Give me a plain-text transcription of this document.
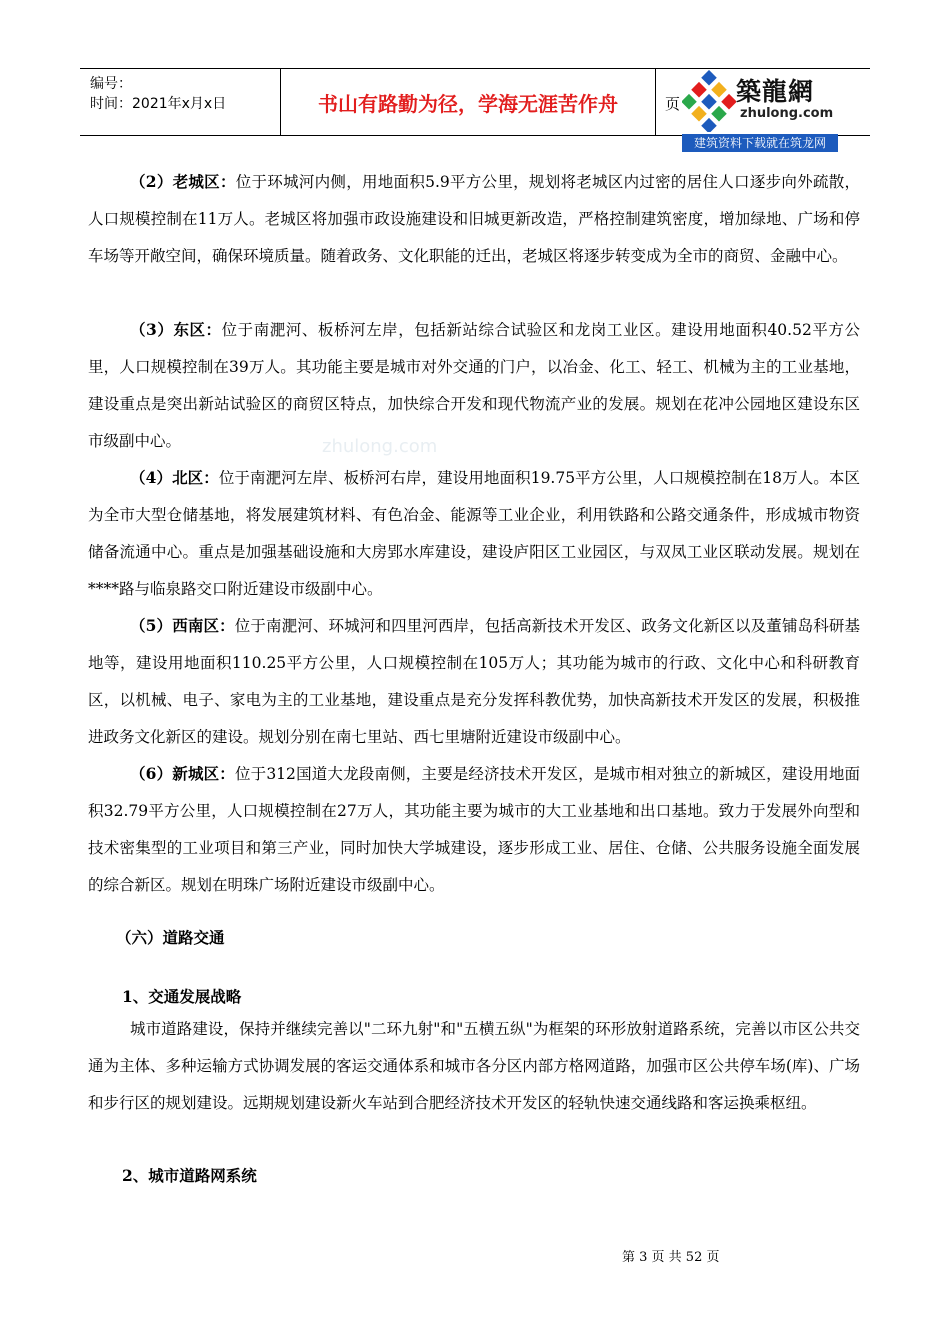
编号：
时间：2021年x月x日	书山有路勤为径，学海无涯苦作舟	页 築龍網
zhulong.com
建筑资料下载就在筑龙网
zhulong.com

（2）老城区：位于环城河内侧，用地面积5.9平方公里，规划将老城区内过密的居住人口逐步向外疏散，人口规模控制在11万人。老城区将加强市政设施建设和旧城更新改造，严格控制建筑密度，增加绿地、广场和停车场等开敞空间，确保环境质量。随着政务、文化职能的迁出，老城区将逐步转变成为全市的商贸、金融中心。

（3）东区：位于南淝河、板桥河左岸，包括新站综合试验区和龙岗工业区。建设用地面积40.52平方公里，人口规模控制在39万人。其功能主要是城市对外交通的门户，以冶金、化工、轻工、机械为主的工业基地，建设重点是突出新站试验区的商贸区特点，加快综合开发和现代物流产业的发展。规划在花冲公园地区建设东区市级副中心。

（4）北区：位于南淝河左岸、板桥河右岸，建设用地面积19.75平方公里，人口规模控制在18万人。本区为全市大型仓储基地，将发展建筑材料、有色冶金、能源等工业企业，利用铁路和公路交通条件，形成城市物资储备流通中心。重点是加强基础设施和大房郢水库建设，建设庐阳区工业园区，与双凤工业区联动发展。规划在****路与临泉路交口附近建设市级副中心。

（5）西南区：位于南淝河、环城河和四里河西岸，包括高新技术开发区、政务文化新区以及董铺岛科研基地等，建设用地面积110.25平方公里，人口规模控制在105万人；其功能为城市的行政、文化中心和科研教育区，以机械、电子、家电为主的工业基地，建设重点是充分发挥科教优势，加快高新技术开发区的发展，积极推进政务文化新区的建设。规划分别在南七里站、西七里塘附近建设市级副中心。

（6）新城区：位于312国道大龙段南侧，主要是经济技术开发区，是城市相对独立的新城区，建设用地面积32.79平方公里，人口规模控制在27万人，其功能主要为城市的大工业基地和出口基地。致力于发展外向型和技术密集型的工业项目和第三产业，同时加快大学城建设，逐步形成工业、居住、仓储、公共服务设施全面发展的综合新区。规划在明珠广场附近建设市级副中心。

（六）道路交通
1、交通发展战略

城市道路建设，保持并继续完善以"二环九射"和"五横五纵"为框架的环形放射道路系统，完善以市区公共交通为主体、多种运输方式协调发展的客运交通体系和城市各分区内部方格网道路，加强市区公共停车场(库)、广场和步行区的规划建设。远期规划建设新火车站到合肥经济技术开发区的轻轨快速交通线路和客运换乘枢纽。

2、城市道路网系统
第 3 页 共 52 页
